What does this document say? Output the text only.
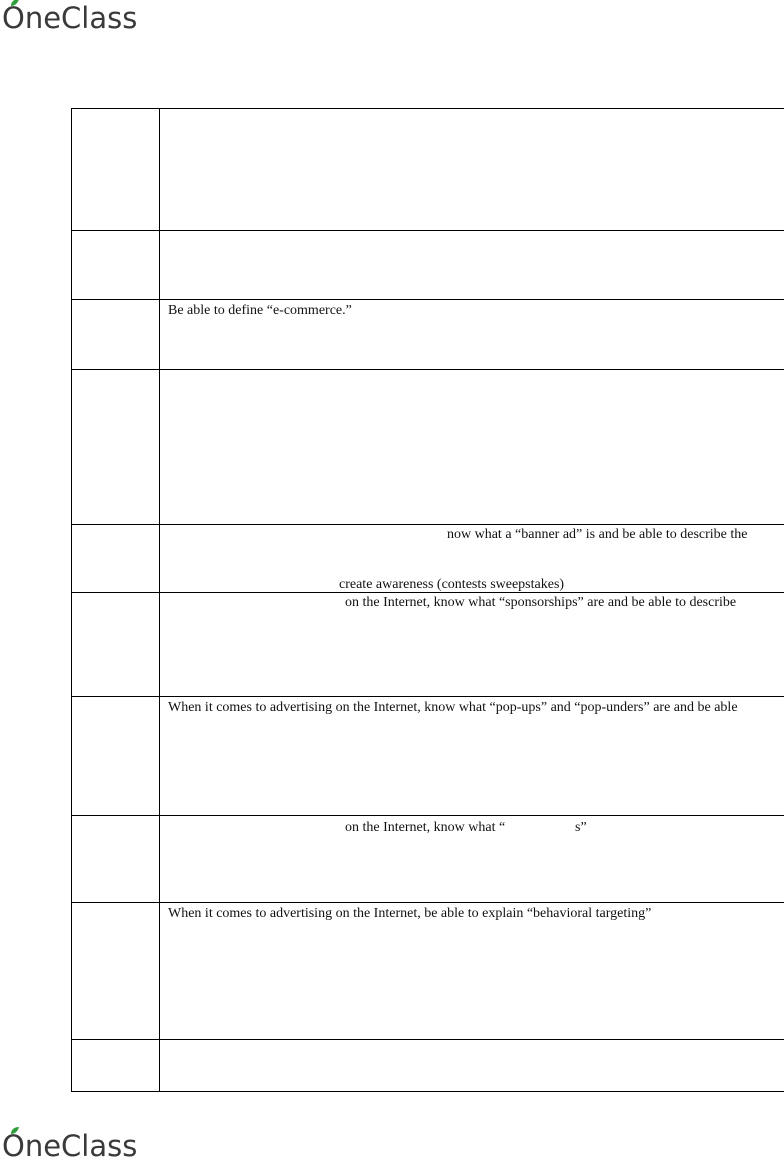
OneClass

	Be able to define “e-commerce.”

	now what a “banner ad” is and be able to describe the
create awareness (contests sweepstakes)

	on the Internet, know what “sponsorships” are and be able to describe

	When it comes to advertising on the Internet, know what “pop-ups” and “pop-unders” are and be able

	on the Internet, know what “ s”

	When it comes to advertising on the Internet, be able to explain “behavioral targeting”

OneClass
